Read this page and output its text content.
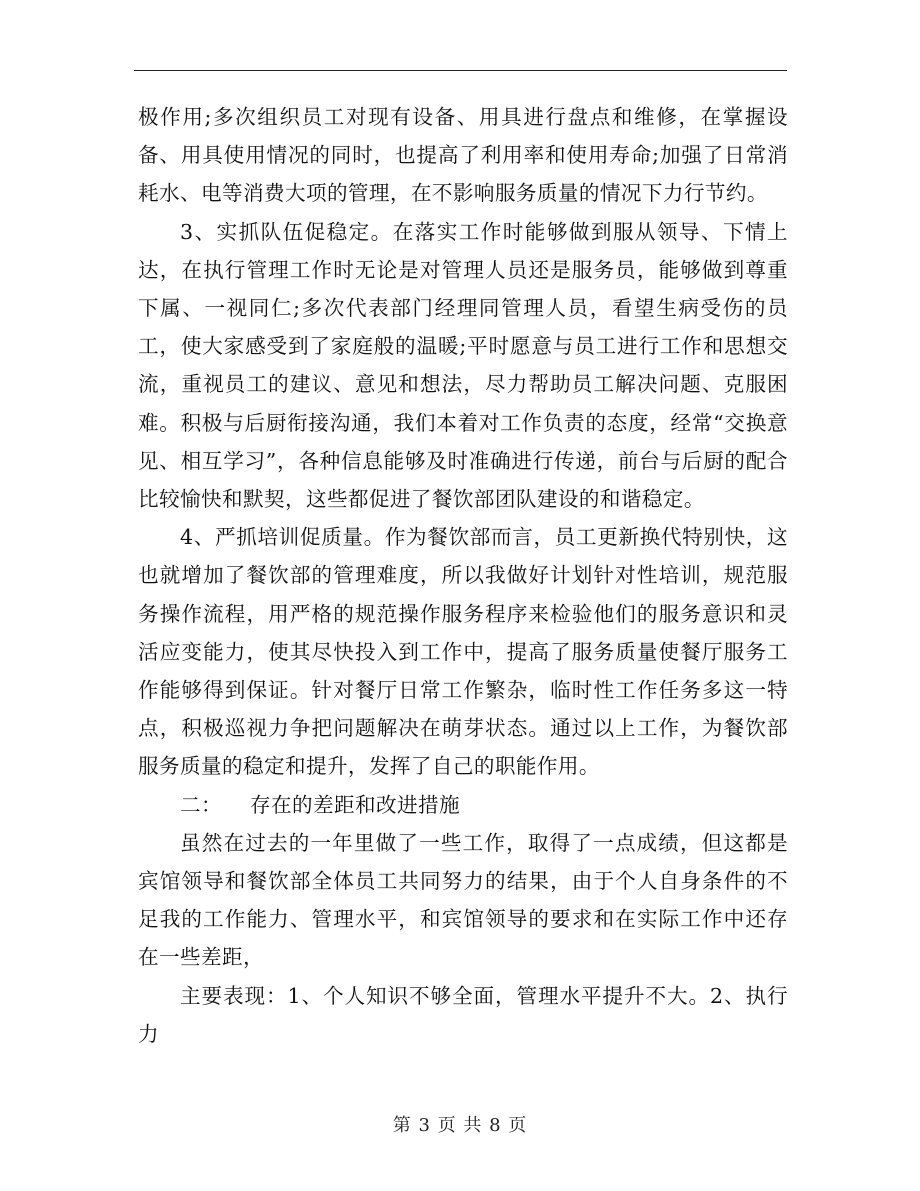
极作用;多次组织员工对现有设备、用具进行盘点和维修，在掌握设备、用具使用情况的同时，也提高了利用率和使用寿命;加强了日常消耗水、电等消费大项的管理，在不影响服务质量的情况下力行节约。

3、实抓队伍促稳定。在落实工作时能够做到服从领导、下情上达，在执行管理工作时无论是对管理人员还是服务员，能够做到尊重下属、一视同仁;多次代表部门经理同管理人员，看望生病受伤的员工，使大家感受到了家庭般的温暖;平时愿意与员工进行工作和思想交流，重视员工的建议、意见和想法，尽力帮助员工解决问题、克服困难。积极与后厨衔接沟通，我们本着对工作负责的态度，经常“交换意见、相互学习”，各种信息能够及时准确进行传递，前台与后厨的配合比较愉快和默契，这些都促进了餐饮部团队建设的和谐稳定。

4、严抓培训促质量。作为餐饮部而言，员工更新换代特别快，这也就增加了餐饮部的管理难度，所以我做好计划针对性培训，规范服务操作流程，用严格的规范操作服务程序来检验他们的服务意识和灵活应变能力，使其尽快投入到工作中，提高了服务质量使餐厅服务工作能够得到保证。针对餐厅日常工作繁杂，临时性工作任务多这一特点，积极巡视力争把问题解决在萌芽状态。通过以上工作，为餐饮部服务质量的稳定和提升，发挥了自己的职能作用。

二： 存在的差距和改进措施

虽然在过去的一年里做了一些工作，取得了一点成绩，但这都是宾馆领导和餐饮部全体员工共同努力的结果，由于个人自身条件的不足我的工作能力、管理水平，和宾馆领导的要求和在实际工作中还存在一些差距，

主要表现：1、个人知识不够全面，管理水平提升不大。2、执行力

第 3 页 共 8 页
